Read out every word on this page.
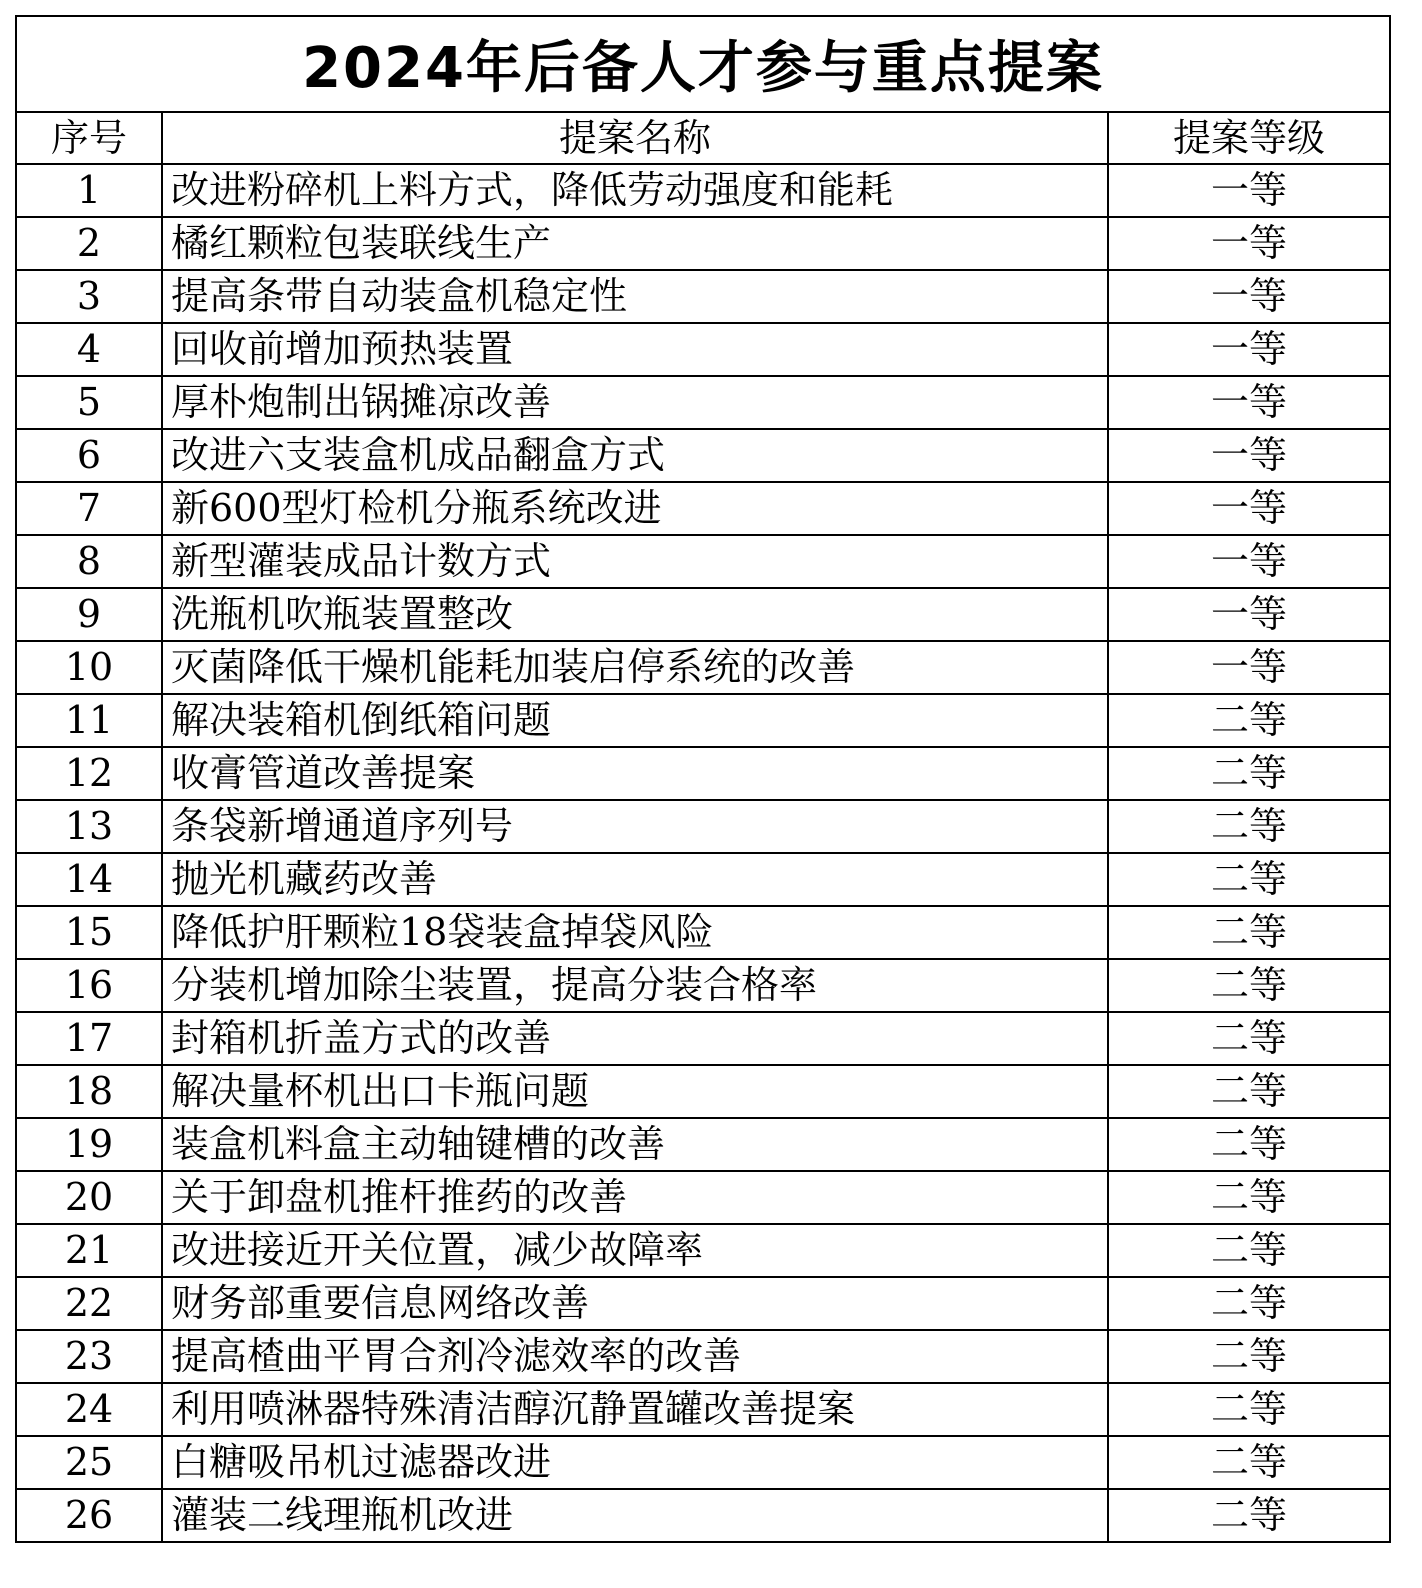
2024年后备人才参与重点提案		
序号	提案名称	提案等级
1	改进粉碎机上料方式，降低劳动强度和能耗	一等
2	橘红颗粒包装联线生产	一等
3	提高条带自动装盒机稳定性	一等
4	回收前增加预热装置	一等
5	厚朴炮制出锅摊凉改善	一等
6	改进六支装盒机成品翻盒方式	一等
7	新600型灯检机分瓶系统改进	一等
8	新型灌装成品计数方式	一等
9	洗瓶机吹瓶装置整改	一等
10	灭菌降低干燥机能耗加装启停系统的改善	一等
11	解决装箱机倒纸箱问题	二等
12	收膏管道改善提案	二等
13	条袋新增通道序列号	二等
14	抛光机藏药改善	二等
15	降低护肝颗粒18袋装盒掉袋风险	二等
16	分装机增加除尘装置，提高分装合格率	二等
17	封箱机折盖方式的改善	二等
18	解决量杯机出口卡瓶问题	二等
19	装盒机料盒主动轴键槽的改善	二等
20	关于卸盘机推杆推药的改善	二等
21	改进接近开关位置，减少故障率	二等
22	财务部重要信息网络改善	二等
23	提高楂曲平胃合剂冷滤效率的改善	二等
24	利用喷淋器特殊清洁醇沉静置罐改善提案	二等
25	白糖吸吊机过滤器改进	二等
26	灌装二线理瓶机改进	二等
